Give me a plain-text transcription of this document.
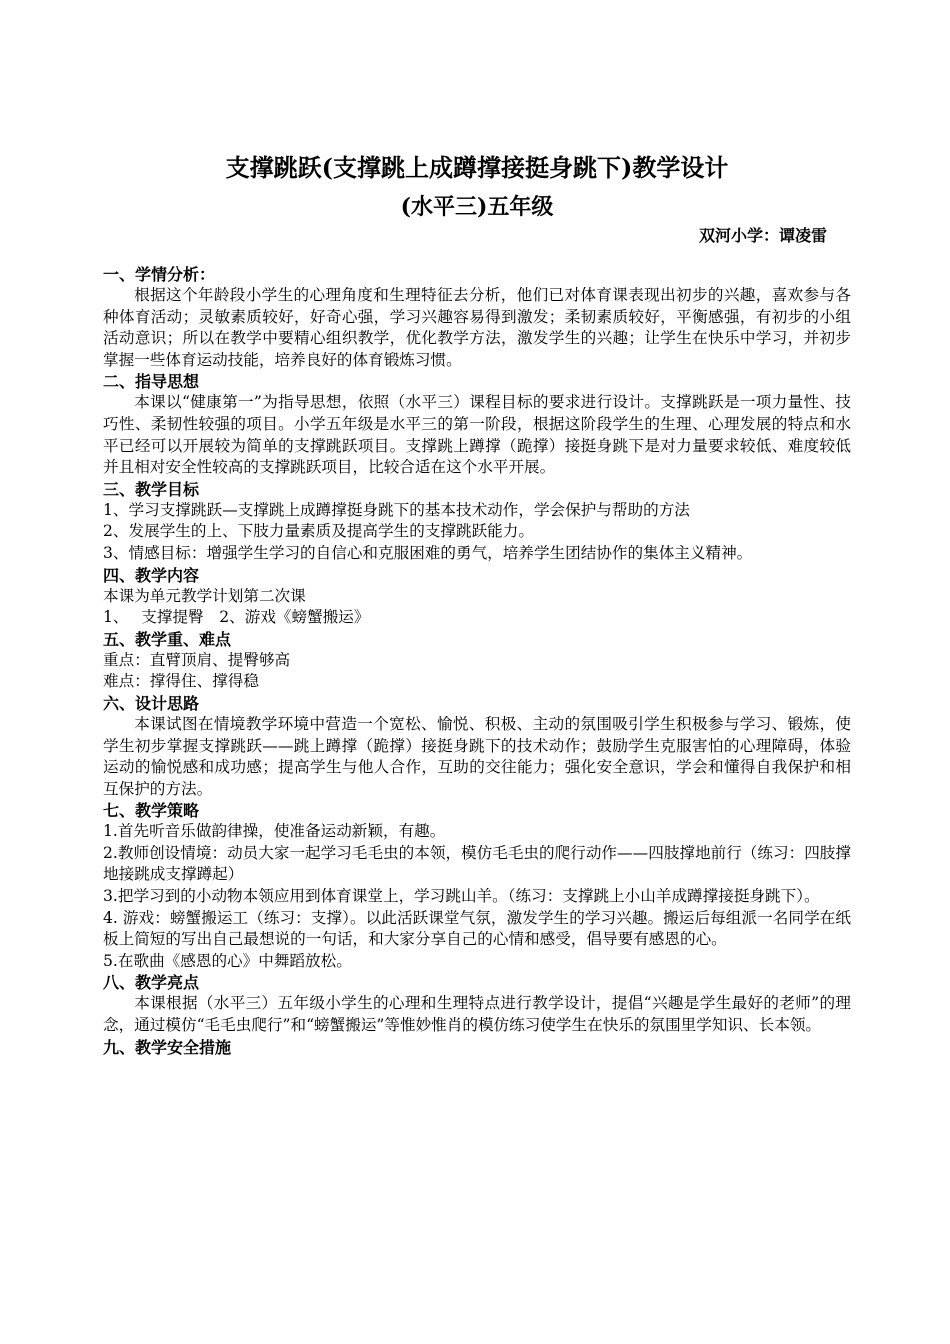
支撑跳跃(支撑跳上成蹲撑接挺身跳下)教学设计
(水平三)五年级
双河小学：谭凌雷
一、学情分析：

根据这个年龄段小学生的心理角度和生理特征去分析，他们已对体育课表现出初步的兴趣，喜欢参与各种体育活动；灵敏素质较好，好奇心强，学习兴趣容易得到激发；柔韧素质较好，平衡感强，有初步的小组活动意识；所以在教学中要精心组织教学，优化教学方法，激发学生的兴趣；让学生在快乐中学习，并初步掌握一些体育运动技能，培养良好的体育锻炼习惯。

二、指导思想

本课以“健康第一”为指导思想，依照（水平三）课程目标的要求进行设计。支撑跳跃是一项力量性、技巧性、柔韧性较强的项目。小学五年级是水平三的第一阶段，根据这阶段学生的生理、心理发展的特点和水平已经可以开展较为简单的支撑跳跃项目。支撑跳上蹲撑（跪撑）接挺身跳下是对力量要求较低、难度较低并且相对安全性较高的支撑跳跃项目，比较合适在这个水平开展。

三、教学目标

1、学习支撑跳跃—支撑跳上成蹲撑挺身跳下的基本技术动作，学会保护与帮助的方法

2、发展学生的上、下肢力量素质及提高学生的支撑跳跃能力。

3、情感目标：增强学生学习的自信心和克服困难的勇气，培养学生团结协作的集体主义精神。

四、教学内容

本课为单元教学计划第二次课

1、　 支撑提臀　2、游戏《螃蟹搬运》

五、教学重、难点

重点：直臂顶肩、提臀够高

难点：撑得住、撑得稳

六、设计思路

本课试图在情境教学环境中营造一个宽松、愉悦、积极、主动的氛围吸引学生积极参与学习、锻炼，使学生初步掌握支撑跳跃——跳上蹲撑（跪撑）接挺身跳下的技术动作；鼓励学生克服害怕的心理障碍，体验运动的愉悦感和成功感；提高学生与他人合作，互助的交往能力；强化安全意识，学会和懂得自我保护和相互保护的方法。

七、教学策略

1.首先听音乐做韵律操，使准备运动新颖，有趣。

2.教师创设情境：动员大家一起学习毛毛虫的本领，模仿毛毛虫的爬行动作——四肢撑地前行（练习：四肢撑地接跳成支撑蹲起）

3.把学习到的小动物本领应用到体育课堂上，学习跳山羊。（练习：支撑跳上小山羊成蹲撑接挺身跳下）。

4. 游戏：螃蟹搬运工（练习：支撑）。以此活跃课堂气氛，激发学生的学习兴趣。搬运后每组派一名同学在纸板上简短的写出自己最想说的一句话，和大家分享自己的心情和感受，倡导要有感恩的心。

5.在歌曲《感恩的心》中舞蹈放松。

八、教学亮点

本课根据（水平三）五年级小学生的心理和生理特点进行教学设计，提倡“兴趣是学生最好的老师”的理念，通过模仿“毛毛虫爬行”和“螃蟹搬运”等惟妙惟肖的模仿练习使学生在快乐的氛围里学知识、长本领。

九、教学安全措施
